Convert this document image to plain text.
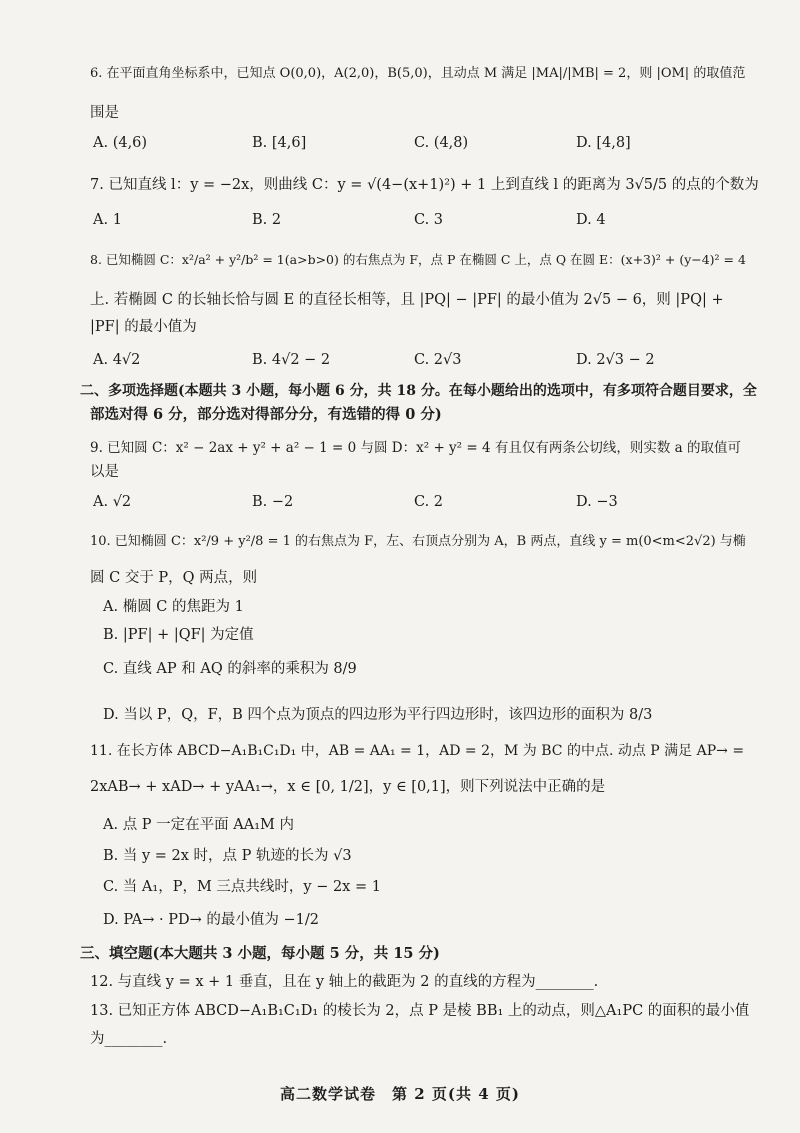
6. 在平面直角坐标系中，已知点 O(0,0)，A(2,0)，B(5,0)，且动点 M 满足 |MA|/|MB| = 2，则 |OM| 的取值范
围是
A. (4,6)	B. [4,6]	C. (4,8)	D. [4,8]
7. 已知直线 l：y = −2x，则曲线 C：y = √(4−(x+1)²) + 1 上到直线 l 的距离为 3√5/5 的点的个数为
A. 1	B. 2	C. 3	D. 4
8. 已知椭圆 C：x²/a² + y²/b² = 1(a>b>0) 的右焦点为 F，点 P 在椭圆 C 上，点 Q 在圆 E：(x+3)² + (y−4)² = 4
上. 若椭圆 C 的长轴长恰与圆 E 的直径长相等，且 |PQ| − |PF| 的最小值为 2√5 − 6，则 |PQ| +
|PF| 的最小值为
A. 4√2	B. 4√2 − 2	C. 2√3	D. 2√3 − 2
二、多项选择题(本题共 3 小题，每小题 6 分，共 18 分。在每小题给出的选项中，有多项符合题目要求，全
部选对得 6 分，部分选对得部分分，有选错的得 0 分)
9. 已知圆 C：x² − 2ax + y² + a² − 1 = 0 与圆 D：x² + y² = 4 有且仅有两条公切线，则实数 a 的取值可
以是
A. √2	B. −2	C. 2	D. −3
10. 已知椭圆 C：x²/9 + y²/8 = 1 的右焦点为 F，左、右顶点分别为 A，B 两点，直线 y = m(0<m<2√2) 与椭
圆 C 交于 P，Q 两点，则
A. 椭圆 C 的焦距为 1
B. |PF| + |QF| 为定值
C. 直线 AP 和 AQ 的斜率的乘积为 8/9
D. 当以 P，Q，F，B 四个点为顶点的四边形为平行四边形时，该四边形的面积为 8/3
11. 在长方体 ABCD−A₁B₁C₁D₁ 中，AB = AA₁ = 1，AD = 2，M 为 BC 的中点. 动点 P 满足 AP→ =
2xAB→ + xAD→ + yAA₁→，x ∈ [0, 1/2]，y ∈ [0,1]，则下列说法中正确的是
A. 点 P 一定在平面 AA₁M 内
B. 当 y = 2x 时，点 P 轨迹的长为 √3
C. 当 A₁，P，M 三点共线时，y − 2x = 1
D. PA→ · PD→ 的最小值为 −1/2
三、填空题(本大题共 3 小题，每小题 5 分，共 15 分)
12. 与直线 y = x + 1 垂直，且在 y 轴上的截距为 2 的直线的方程为________.
13. 已知正方体 ABCD−A₁B₁C₁D₁ 的棱长为 2，点 P 是棱 BB₁ 上的动点，则△A₁PC 的面积的最小值
为________.
高二数学试卷　第 2 页(共 4 页)
